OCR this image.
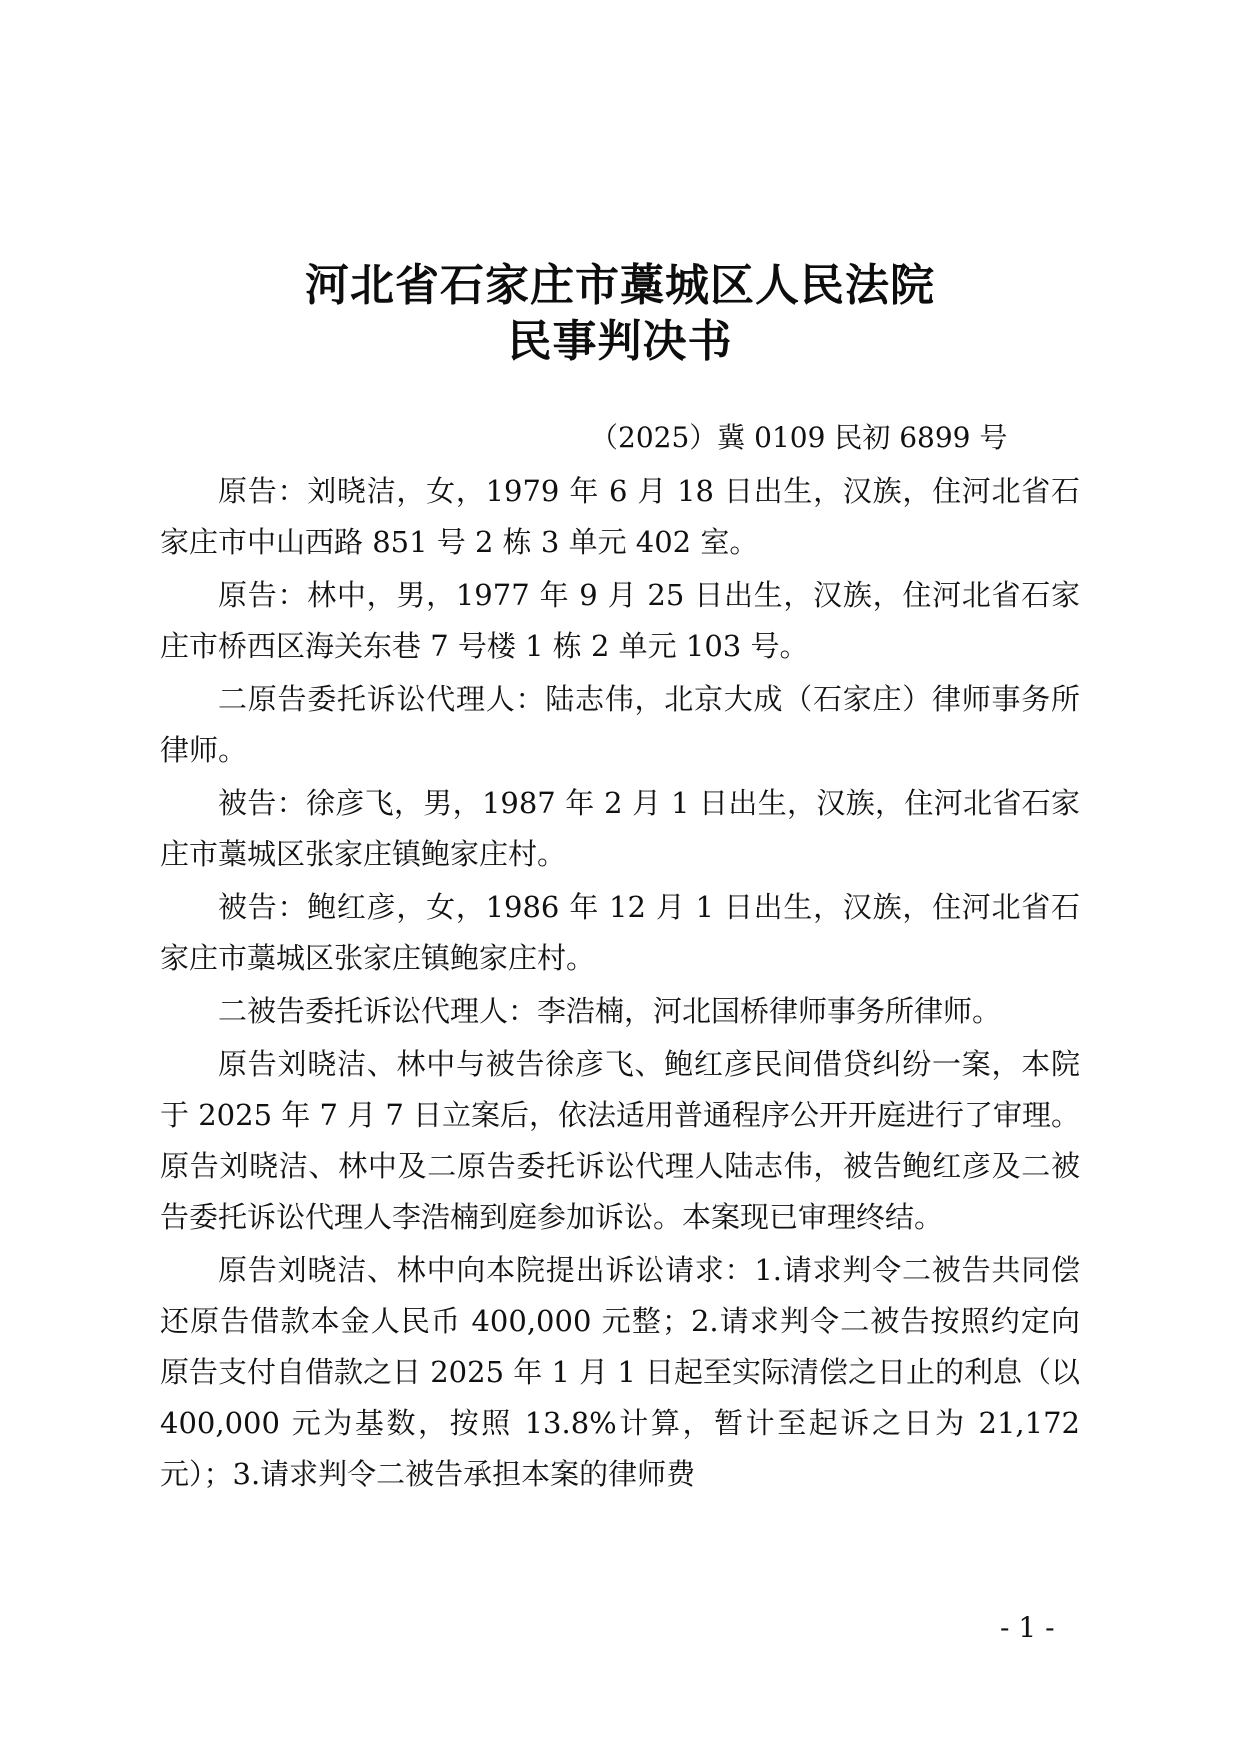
河北省石家庄市藁城区人民法院
民事判决书
（2025）冀 0109 民初 6899 号

原告：刘晓洁，女，1979 年 6 月 18 日出生，汉族，住河北省石家庄市中山西路 851 号 2 栋 3 单元 402 室。

原告：林中，男，1977 年 9 月 25 日出生，汉族，住河北省石家庄市桥西区海关东巷 7 号楼 1 栋 2 单元 103 号。

二原告委托诉讼代理人：陆志伟，北京大成（石家庄）律师事务所律师。

被告：徐彦飞，男，1987 年 2 月 1 日出生，汉族，住河北省石家庄市藁城区张家庄镇鲍家庄村。

被告：鲍红彦，女，1986 年 12 月 1 日出生，汉族，住河北省石家庄市藁城区张家庄镇鲍家庄村。

二被告委托诉讼代理人：李浩楠，河北国桥律师事务所律师。

原告刘晓洁、林中与被告徐彦飞、鲍红彦民间借贷纠纷一案，本院于 2025 年 7 月 7 日立案后，依法适用普通程序公开开庭进行了审理。原告刘晓洁、林中及二原告委托诉讼代理人陆志伟，被告鲍红彦及二被告委托诉讼代理人李浩楠到庭参加诉讼。本案现已审理终结。

原告刘晓洁、林中向本院提出诉讼请求：1.请求判令二被告共同偿还原告借款本金人民币 400,000 元整；2.请求判令二被告按照约定向原告支付自借款之日 2025 年 1 月 1 日起至实际清偿之日止的利息（以 400,000 元为基数，按照 13.8%计算，暂计至起诉之日为 21,172 元）；3.请求判令二被告承担本案的律师费

- 1 -
